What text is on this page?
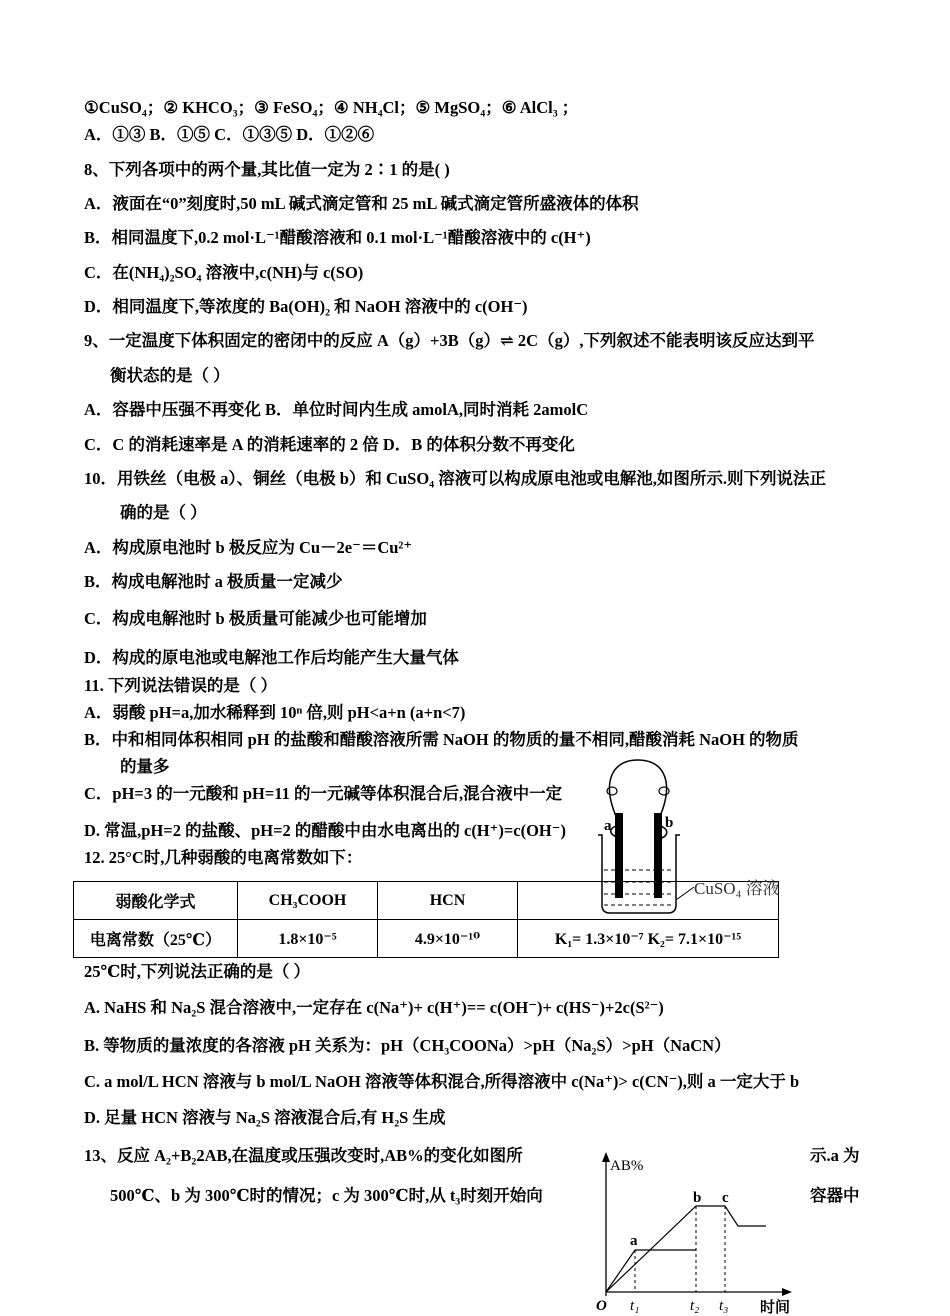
①CuSO₄；② KHCO₃；③ FeSO₄；④ NH₄Cl；⑤ MgSO₄；⑥ AlCl₃ ；
A．①③ B．①⑤ C．①③⑤ D．①②⑥
8、下列各项中的两个量,其比值一定为 2∶1 的是( )
A．液面在“0”刻度时,50 mL 碱式滴定管和 25 mL 碱式滴定管所盛液体的体积
B．相同温度下,0.2 mol·L⁻¹醋酸溶液和 0.1 mol·L⁻¹醋酸溶液中的 c(H⁺)
C．在(NH₄)₂SO₄ 溶液中,c(NH)与 c(SO)
D．相同温度下,等浓度的 Ba(OH)₂ 和 NaOH 溶液中的 c(OH⁻)
9、一定温度下体积固定的密闭中的反应 A（g）+3B（g）⇌ 2C（g）,下列叙述不能表明该反应达到平
衡状态的是（ ）
A．容器中压强不再变化 B．单位时间内生成 amolA,同时消耗 2amolC
C．C 的消耗速率是 A 的消耗速率的 2 倍 D．B 的体积分数不再变化
10．用铁丝（电极 a）、铜丝（电极 b）和 CuSO₄ 溶液可以构成原电池或电解池,如图所示.则下列说法正
确的是（ ）
A．构成原电池时 b 极反应为 Cu－2e⁻＝Cu²⁺
B．构成电解池时 a 极质量一定减少
C．构成电解池时 b 极质量可能减少也可能增加
D．构成的原电池或电解池工作后均能产生大量气体
11. 下列说法错误的是（ ）
A．弱酸 pH=a,加水稀释到 10ⁿ 倍,则 pH<a+n (a+n<7)
B．中和相同体积相同 pH 的盐酸和醋酸溶液所需 NaOH 的物质的量不相同,醋酸消耗 NaOH 的物质
的量多
C．pH=3 的一元酸和 pH=11 的一元碱等体积混合后,混合液中一定
D. 常温,pH=2 的盐酸、pH=2 的醋酸中由水电离出的 c(H⁺)=c(OH⁻)
12. 25°C时,几种弱酸的电离常数如下：
弱酸化学式	CH₃COOH	HCN	
电离常数（25℃）	1.8×10⁻⁵	4.9×10⁻¹⁰	K₁= 1.3×10⁻⁷ K₂= 7.1×10⁻¹⁵
a	b
CuSO₄ 溶液
25℃时,下列说法正确的是（ ）
A. NaHS 和 Na₂S 混合溶液中,一定存在 c(Na⁺)+ c(H⁺)== c(OH⁻)+ c(HS⁻)+2c(S²⁻)
B. 等物质的量浓度的各溶液 pH 关系为：pH（CH₃COONa）>pH（Na₂S）>pH（NaCN）
C. a mol/L HCN 溶液与 b mol/L NaOH 溶液等体积混合,所得溶液中 c(Na⁺)> c(CN⁻),则 a 一定大于 b
D. 足量 HCN 溶液与 Na₂S 溶液混合后,有 H₂S 生成
13、反应 A₂+B₂2AB,在温度或压强改变时,AB%的变化如图所	示.a 为
500℃、b 为 300℃时的情况；c 为 300℃时,从 t₃时刻开始向	容器中
AB%
O	时间
a
b c
t₁	t₂ t₃
